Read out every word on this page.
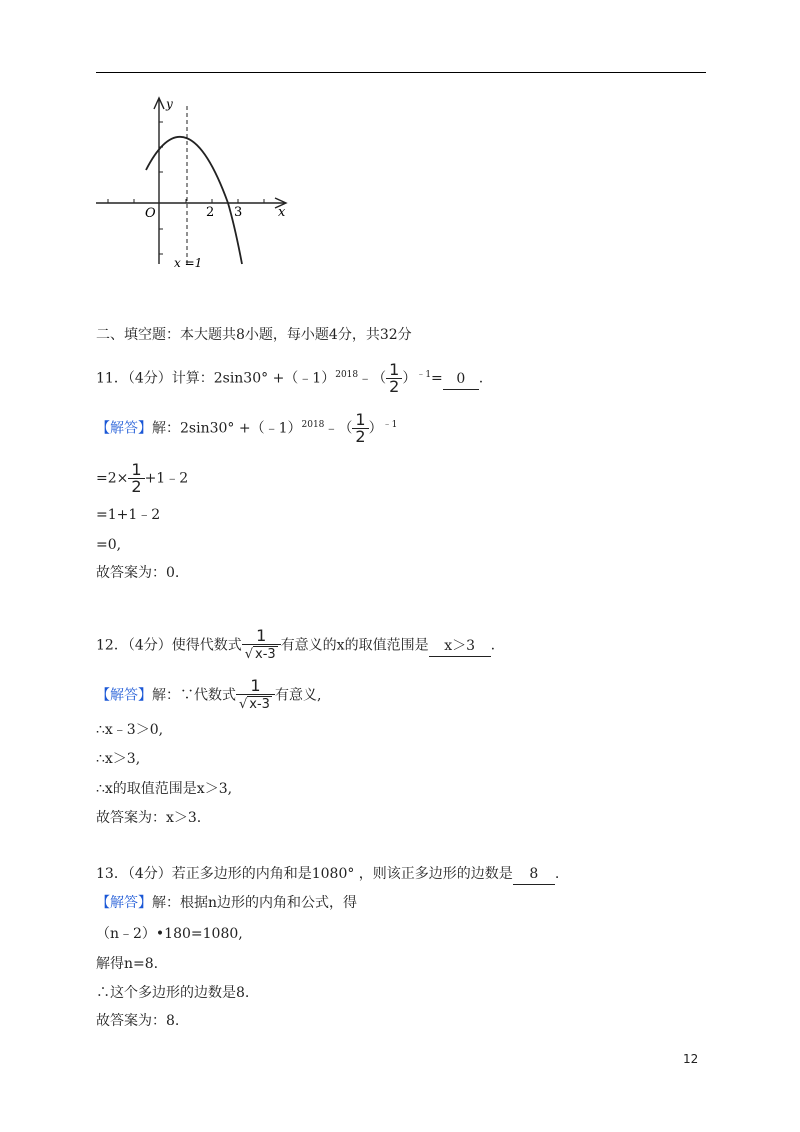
y
x
O	2 3
x =1
二、填空题：本大题共8小题，每小题4分，共32分
11．（4分）计算：2sin30° +（﹣1）$^{2018}$﹣（ $\frac{1}{2} )^{﹣1}= 0$ .
【解答】解：2sin30° +（﹣1）$^{2018}$﹣（ $\frac{1}{2} )^{﹣1}$
$=2\times \frac{1}{2}$ +1﹣2
=1+1﹣2
=0,
故答案为：0.
12．（4分）使得代数式 $\frac{1}{√ x-3}$ 有意义的x的取值范围是 x＞3 .
【解答】解：∵代数式 $\frac{1}{√ x-3}$ 有意义,
∴x﹣3＞0,
∴x＞3,
∴x的取值范围是x＞3,
故答案为：x＞3.
13．（4分）若正多边形的内角和是1080° ，则该正多边形的边数是 8 .
【解答】解：根据n边形的内角和公式，得
（n﹣2）•180=1080,
解得n=8.
∴这个多边形的边数是8.
故答案为：8.
12
